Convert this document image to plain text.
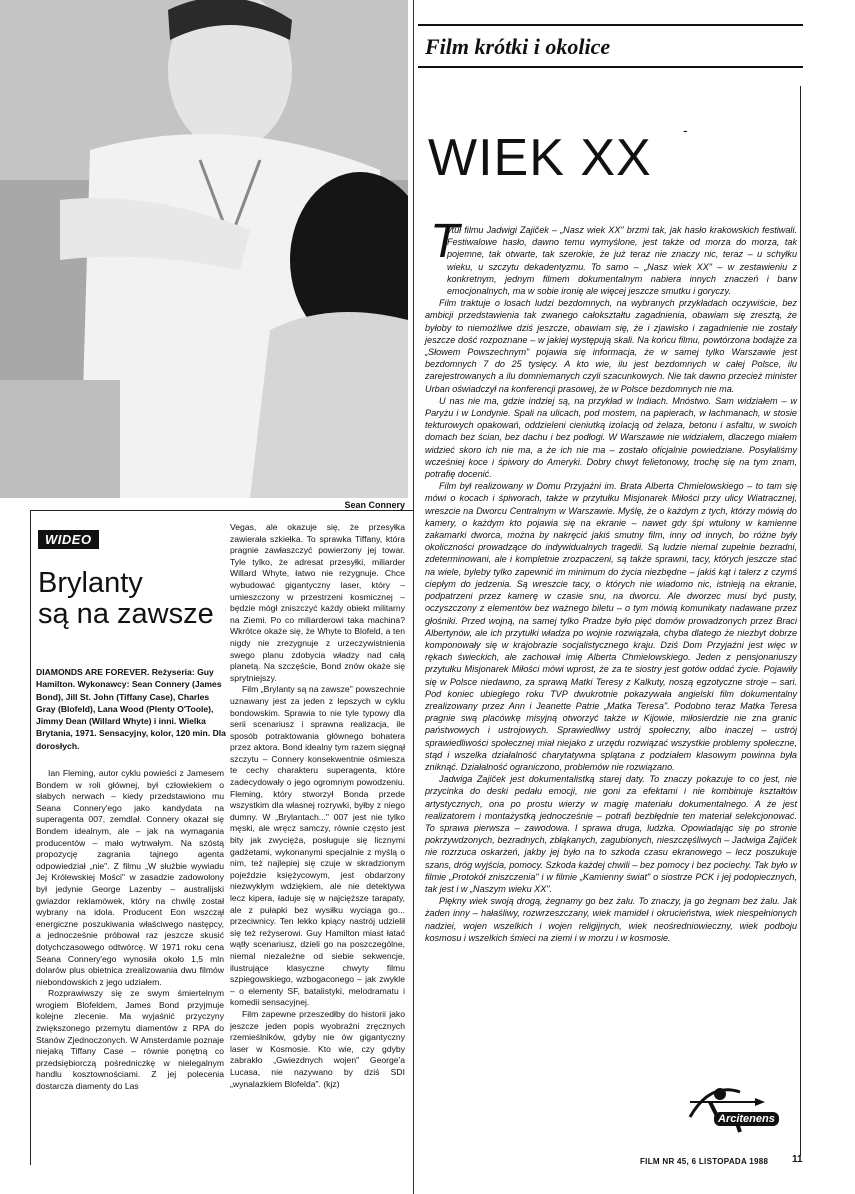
Sean Connery
WIDEO
Brylanty
są na zawsze
DIAMONDS ARE FOREVER. Reżyseria: Guy Hamilton. Wykonawcy: Sean Connery (James Bond), Jill St. John (Tiffany Case), Charles Gray (Blofeld), Lana Wood (Plenty O'Toole), Jimmy Dean (Willard Whyte) i inni. Wielka Brytania, 1971. Sensacyjny, kolor, 120 min. Dla dorosłych.

Ian Fleming, autor cyklu powieści z Jamesem Bondem w roli głównej, był człowiekiem o słabych nerwach – kiedy przedstawiono mu Seana Connery'ego jako kandydata na superagenta 007, zemdlał. Connery okazał się Bondem idealnym, ale – jak na wymagania producentów – mało wytrwałym. Na szóstą propozycję zagrania tajnego agenta odpowiedział „nie". Z filmu „W służbie wywiadu Jej Królewskiej Mości" w zasadzie zadowolony był jedynie George Lazenby – australijski gwiazdor reklamówek, który na chwilę został wybrany na idola. Producent Eon wszczął energiczne poszukiwania właściwego następcy, a jednocześnie próbował raz jeszcze skusić dotychczasowego odtwórcę. W 1971 roku cena Seana Connery'ego wynosiła około 1,5 mln dolarów plus obietnica zrealizowania dwu filmów niebondowskich z jego udziałem.

Rozprawiwszy się ze swym śmiertelnym wrogiem Blofeldem, James Bond przyjmuje kolejne zlecenie. Ma wyjaśnić przyczyny zwiększonego przemytu diamentów z RPA do Stanów Zjednoczonych. W Amsterdamie poznaje niejaką Tiffany Case – równie ponętną co przedsiębiorczą pośredniczkę w nielegalnym handlu kosztownościami. Z jej polecenia dostarcza diamenty do Las

Vegas, ale okazuje się, że przesyłka zawierała szkiełka. To sprawka Tiffany, która pragnie zawłaszczyć powierzony jej towar. Tyle tylko, że adresat przesyłki, miliarder Willard Whyte, łatwo nie rezygnuje. Chce wybudować gigantyczny laser, który – umieszczony w przestrzeni kosmicznej – będzie mógł zniszczyć każdy obiekt militarny na Ziemi. Po co miliarderowi taka machina? Wkrótce okaże się, że Whyte to Blofeld, a ten nigdy nie zrezygnuje z urzeczywistnienia swego planu zdobycia władzy nad całą planetą. Na szczęście, Bond znów okaże się sprytniejszy.

Film „Brylanty są na zawsze" powszechnie uznawany jest za jeden z lepszych w cyklu bondowskim. Sprawia to nie tyle typowy dla serii scenariusz i sprawna realizacja, ile sposób potraktowania głównego bohatera przez aktora. Bond idealny tym razem sięgnął szczytu – Connery konsekwentnie ośmiesza te cechy charakteru superagenta, które zadecydowały o jego ogromnym powodzeniu. Fleming, który stworzył Bonda przede wszystkim dla własnej rozrywki, byłby z niego dumny. W „Brylantach..." 007 jest nie tylko męski, ale wręcz samczy, równie często jest bity jak zwycięża, posługuje się licznymi gadżetami, wykonanymi specjalnie z myślą o nim, też najlepiej się czuje w skradzionym pojeździe księżycowym, jest obdarzony niezwykłym wdziękiem, ale nie detektywa lecz kipera, ładuje się w najcięższe tarapaty, ale z pułapki bez wysiłku wyciąga go... przeciwnicy. Ten lekko kpiący nastrój udzielił się też reżyserowi. Guy Hamilton miast łatać wątły scenariusz, dzieli go na poszczególne, niemal niezależne od siebie sekwencje, ilustrujące klasyczne chwyty filmu szpiegowskiego, wzbogaconego – jak zwykle – o elementy SF, batalistyki, melodramatu i komedii sensacyjnej.

Film zapewne przeszedłby do historii jako jeszcze jeden popis wyobraźni zręcznych rzemieślników, gdyby nie ów gigantyczny laser w Kosmosie. Kto wie, czy gdyby zabrakło „Gwiezdnych wojen" George'a Lucasa, nie nazywano by dziś SDI „wynalazkiem Blofelda". (kjz)

Film krótki i okolice
WIEK XX -
T

ytuł filmu Jadwigi Zajiček – „Nasz wiek XX" brzmi tak, jak hasło krakowskich festiwali. Festiwalowe hasło, dawno temu wymyślone, jest także od morza do morza, tak pojemne, tak otwarte, tak szerokie, że już teraz nie znaczy nic, teraz – u schyłku wieku, u szczytu dekadentyzmu. To samo – „Nasz wiek XX" – w zestawieniu z konkretnym, jednym filmem dokumentalnym nabiera innych znaczeń i barw emocjonalnych, ma w sobie ironię ale więcej jeszcze smutku i goryczy.

Film traktuje o losach ludzi bezdomnych, na wybranych przykładach oczywiście, bez ambicji przedstawienia tak zwanego całokształtu zagadnienia, obawiam się zresztą, że byłoby to niemożliwe dziś jeszcze, obawiam się, że i zjawisko i zagadnienie nie zostały jeszcze dość rozpoznane – w jakiej występują skali. Na końcu filmu, powtórzona bodajże za „Słowem Powszechnym" pojawia się informacja, że w samej tylko Warszawie jest bezdomnych 7 do 25 tysięcy. A kto wie, ilu jest bezdomnych w całej Polsce, ilu zarejestrowanych a ilu domniemanych czyli szacunkowych. Nie tak dawno przecież minister Urban oświadczył na konferencji prasowej, że w Polsce bezdomnych nie ma.

U nas nie ma, gdzie indziej są, na przykład w Indiach. Mnóstwo. Sam widziałem – w Paryżu i w Londynie. Spali na ulicach, pod mostem, na papierach, w łachmanach, w stosie tekturowych opakowań, oddzieleni cieniutką izolacją od żelaza, betonu i asfaltu, w swoich domach bez ścian, bez dachu i bez podłogi. W Warszawie nie widziałem, dlaczego miałem widzieć skoro ich nie ma, a że ich nie ma – zostało oficjalnie powiedziane. Posyłaliśmy wcześniej koce i śpiwory do Ameryki. Dobry chwyt felietonowy, trochę się na tym znam, potrafię docenić.

Film był realizowany w Domu Przyjaźni im. Brata Alberta Chmielowskiego – to tam się mówi o kocach i śpiworach, także w przytułku Misjonarek Miłości przy ulicy Wiatracznej, wreszcie na Dworcu Centralnym w Warszawie. Myślę, że o każdym z tych, którzy mówią do kamery, o każdym kto pojawia się na ekranie – nawet gdy śpi wtulony w kamienne zakamarki dworca, można by nakręcić jakiś smutny film, inny od innych, bo różne były okoliczności prowadzące do indywidualnych tragedii. Są ludzie niemal zupełnie bezradni, zdeterminowani, ale i kompletnie zrozpaczeni, są także sprawni, tacy, których jeszcze stać na wiele, byleby tylko zapewnić im minimum do życia niezbędne – jakiś kąt i talerz z czymś ciepłym do jedzenia. Są wreszcie tacy, o których nie wiadomo nic, istnieją na ekranie, podpatrzeni przez kamerę w czasie snu, na dworcu. Ale dworzec musi być pusty, oczyszczony z elementów bez ważnego biletu – o tym mówią komunikaty nadawane przez głośniki. Przed wojną, na samej tylko Pradze było pięć domów prowadzonych przez Braci Albertynów, ale ich przytułki władza po wojnie rozwiązała, chyba dlatego że niezbyt dobrze komponowały się w krajobrazie socjalistycznego kraju. Dziś Dom Przyjaźni jest więc w rękach świeckich, ale zachował imię Alberta Chmielowskiego. Jeden z pensjonariuszy przytułku Misjonarek Miłości mówi wprost, że za te siostry jest gotów oddać życie. Pojawiły się w Polsce niedawno, za sprawą Matki Teresy z Kalkuty, noszą egzotyczne stroje – sari. Pod koniec ubiegłego roku TVP dwukrotnie pokazywała angielski film dokumentalny zrealizowany przez Ann i Jeanette Patrie „Matka Teresa". Podobno teraz Matka Teresa pragnie swą placówkę misyjną otworzyć także w Kijowie, miłosierdzie nie zna granic państwowych i ustrojowych. Sprawiedliwy ustrój społeczny, albo inaczej – ustrój sprawiedliwości społecznej miał niejako z urzędu rozwiązać wszystkie problemy społeczne, stąd i wszelka działalność charytatywna splątana z podziałem klasowym powinna była zniknąć. Działalność ograniczono, problemów nie rozwiązano.

Jadwiga Zajiček jest dokumentalistką starej daty. To znaczy pokazuje to co jest, nie przycinka do deski pedału emocji, nie goni za efektami i nie kombinuje kształtów artystycznych, ona po prostu wierzy w magię materiału dokumentalnego. A że jest realizatorem i montażystką jednocześnie – potrafi bezbłędnie ten materiał selekcjonować. To sprawa pierwsza – zawodowa. I sprawa druga, ludzka. Opowiadając się po stronie pokrzywdzonych, bezradnych, zbłąkanych, zagubionych, nieszczęśliwych – Jadwiga Zajiček nie rozrzuca oskarżeń, jakby jej było na to szkoda czasu ekranowego – lecz poszukuje szans, dróg wyjścia, pomocy. Szkoda każdej chwili – bez pomocy i bez pociechy. Tak było w filmie „Protokół zniszczenia" i w filmie „Kamienny świat" o siostrze PCK i jej podopiecznych, tak jest i w „Naszym wieku XX".

Piękny wiek swoją drogą, żegnamy go bez żalu. To znaczy, ja go żegnam bez żalu. Jak żaden inny – hałaśliwy, rozwrzeszczany, wiek mamideł i okrucieństwa, wiek niespełnionych nadziei, wojen wszelkich i wojen religijnych, wiek neośredniowieczny, wiek podboju kosmosu i wszelkich śmieci na ziemi i w morzu i w kosmosie.

Arcitenens
FILM NR 45, 6 LISTOPADA 1988 11
